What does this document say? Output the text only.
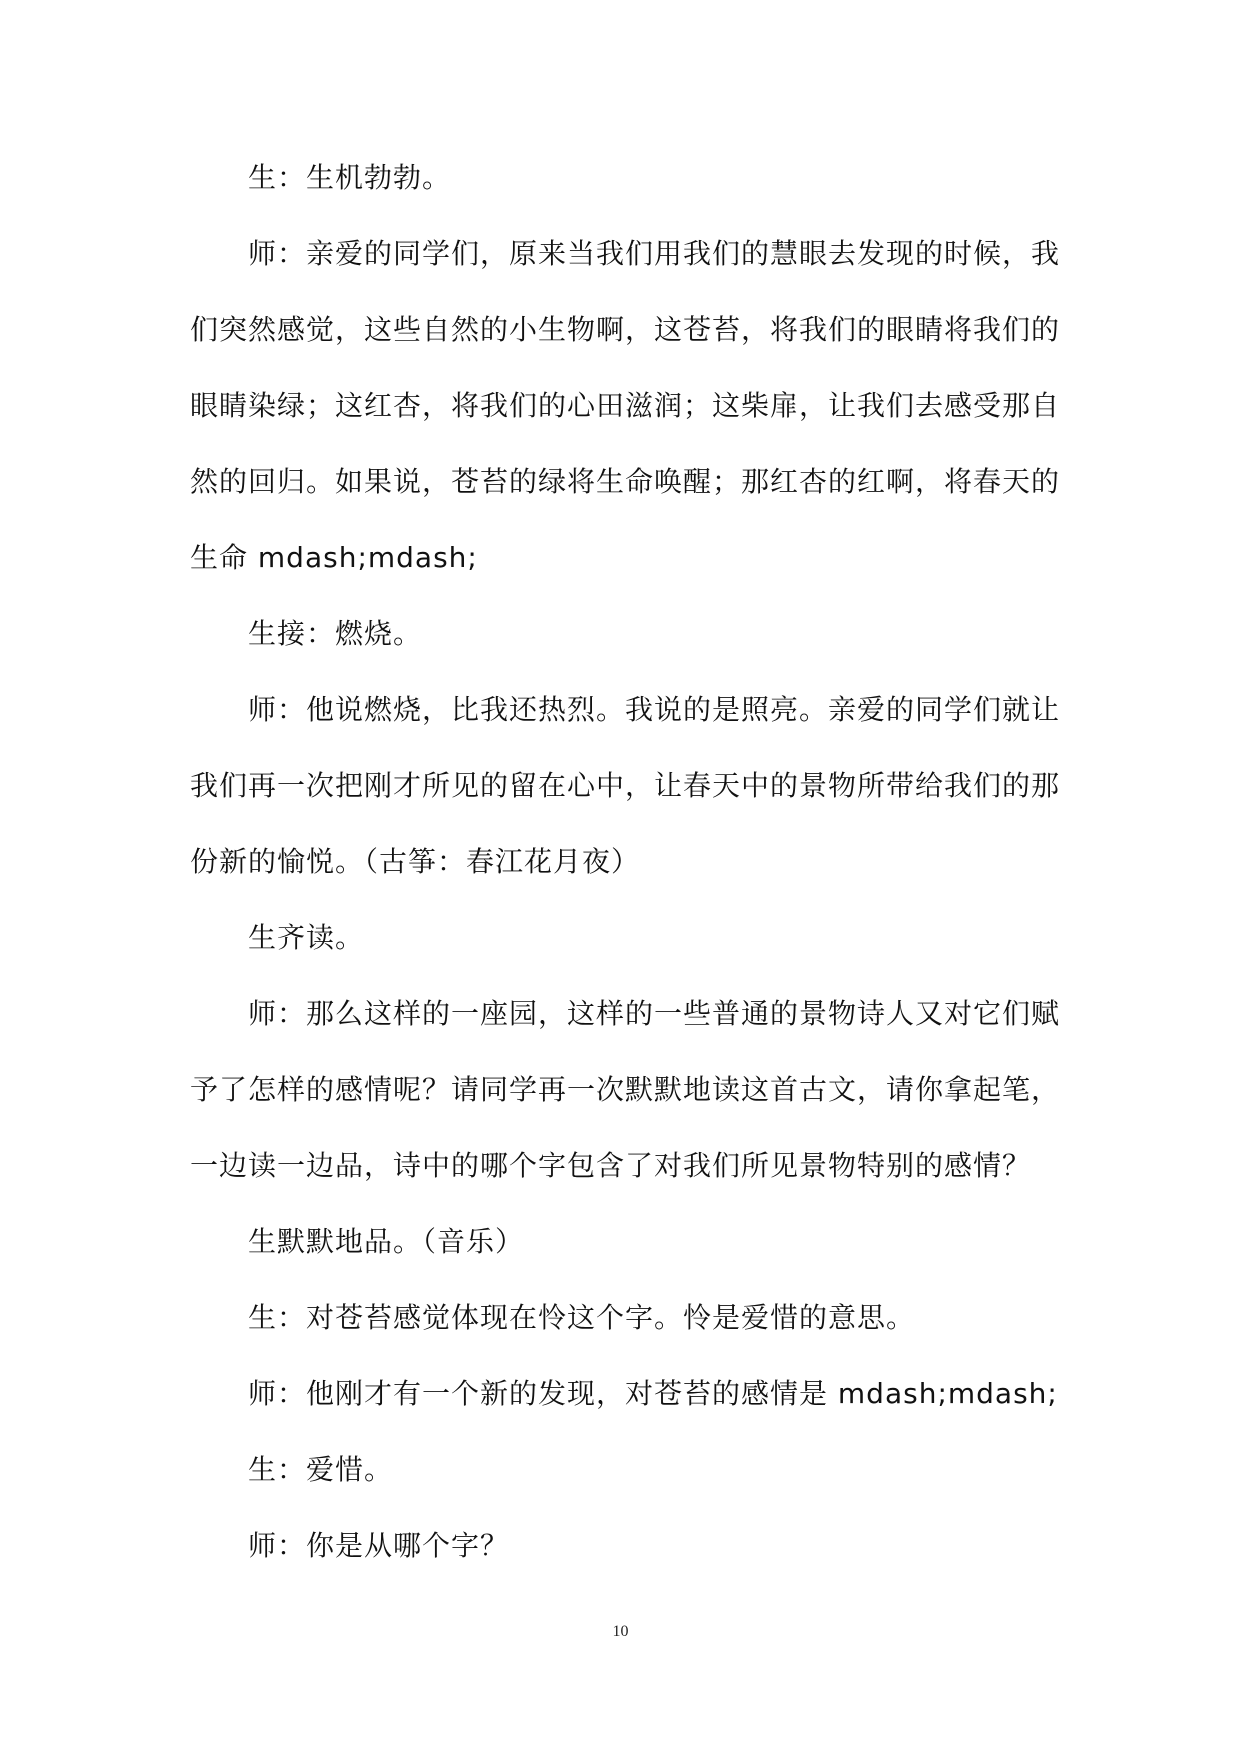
生：生机勃勃。

师：亲爱的同学们，原来当我们用我们的慧眼去发现的时候，我们突然感觉，这些自然的小生物啊，这苍苔，将我们的眼睛将我们的眼睛染绿；这红杏，将我们的心田滋润；这柴扉，让我们去感受那自然的回归。如果说，苍苔的绿将生命唤醒；那红杏的红啊，将春天的生命 mdash;mdash;

生接：燃烧。

师：他说燃烧，比我还热烈。我说的是照亮。亲爱的同学们就让我们再一次把刚才所见的留在心中，让春天中的景物所带给我们的那份新的愉悦。（古筝：春江花月夜）

生齐读。

师：那么这样的一座园，这样的一些普通的景物诗人又对它们赋予了怎样的感情呢？请同学再一次默默地读这首古文，请你拿起笔，一边读一边品，诗中的哪个字包含了对我们所见景物特别的感情？

生默默地品。（音乐）

生：对苍苔感觉体现在怜这个字。怜是爱惜的意思。

师：他刚才有一个新的发现，对苍苔的感情是 mdash;mdash;

生：爱惜。

师：你是从哪个字？

10
